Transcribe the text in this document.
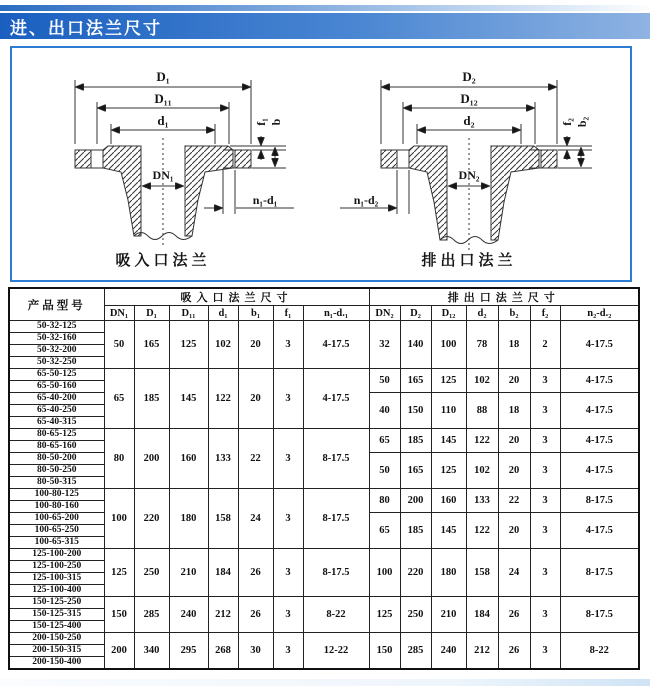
进、出口法兰尺寸
D₁
D₁₁
d₁
DN₁
f₁ b
n₁-d₁
吸入口法兰
D₂
D₁₂
d₂
DN₂
f₂ b₂
n₁-d₂
排出口法兰
产品型号	吸入口法兰尺寸							排出口法兰尺寸						
	DN₁	D₁	D₁₁	d₁	b₁	f₁	n₁-d.₁	DN₂	D₂	D₁₂	d₂	b₂	f₂	n₂-d.₂
50-32-125	50	165	125	102	20	3	4-17.5	32	140	100	78	18	2	4-17.5
50-32-160														
50-32-200														
50-32-250														
65-50-125	65	185	145	122	20	3	4-17.5	50	165	125	102	20	3	4-17.5
65-50-160														
65-40-200								40	150	110	88	18	3	4-17.5
65-40-250														
65-40-315														
80-65-125	80	200	160	133	22	3	8-17.5	65	185	145	122	20	3	4-17.5
80-65-160														
80-50-200								50	165	125	102	20	3	4-17.5
80-50-250														
80-50-315														
100-80-125	100	220	180	158	24	3	8-17.5	80	200	160	133	22	3	8-17.5
100-80-160														
100-65-200								65	185	145	122	20	3	4-17.5
100-65-250														
100-65-315														
125-100-200	125	250	210	184	26	3	8-17.5	100	220	180	158	24	3	8-17.5
125-100-250														
125-100-315														
125-100-400														
150-125-250	150	285	240	212	26	3	8-22	125	250	210	184	26	3	8-17.5
150-125-315														
150-125-400														
200-150-250	200	340	295	268	30	3	12-22	150	285	240	212	26	3	8-22
200-150-315														
200-150-400														
